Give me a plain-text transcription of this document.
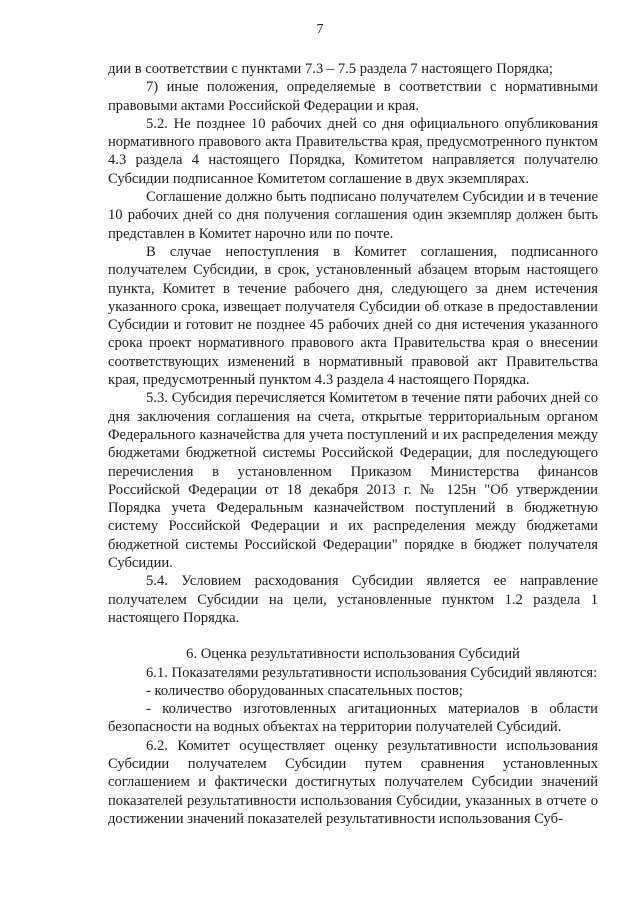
7

дии в соответствии с пунктами 7.3 – 7.5 раздела 7 настоящего Порядка;

7) иные положения, определяемые в соответствии с нормативными правовыми актами Российской Федерации и края.

5.2. Не позднее 10 рабочих дней со дня официального опубликования нормативного правового акта Правительства края, предусмотренного пунктом 4.3 раздела 4 настоящего Порядка, Комитетом направляется получателю Субсидии подписанное Комитетом соглашение в двух экземплярах.

Соглашение должно быть подписано получателем Субсидии и в течение 10 рабочих дней со дня получения соглашения один экземпляр должен быть представлен в Комитет нарочно или по почте.

В случае непоступления в Комитет соглашения, подписанного получателем Субсидии, в срок, установленный абзацем вторым настоящего пункта, Комитет в течение рабочего дня, следующего за днем истечения указанного срока, извещает получателя Субсидии об отказе в предоставлении Субсидии и готовит не позднее 45 рабочих дней со дня истечения указанного срока проект нормативного правового акта Правительства края о внесении соответствующих изменений в нормативный правовой акт Правительства края, предусмотренный пунктом 4.3 раздела 4 настоящего Порядка.

5.3. Субсидия перечисляется Комитетом в течение пяти рабочих дней со дня заключения соглашения на счета, открытые территориальным органом Федерального казначейства для учета поступлений и их распределения между бюджетами бюджетной системы Российской Федерации, для последующего перечисления в установленном Приказом Министерства финансов Российской Федерации от 18 декабря 2013 г. № 125н "Об утверждении Порядка учета Федеральным казначейством поступлений в бюджетную систему Российской Федерации и их распределения между бюджетами бюджетной системы Российской Федерации" порядке в бюджет получателя Субсидии.

5.4. Условием расходования Субсидии является ее направление получателем Субсидии на цели, установленные пунктом 1.2 раздела 1 настоящего Порядка.

6. Оценка результативности использования Субсидий

6.1. Показателями результативности использования Субсидий являются:

- количество оборудованных спасательных постов;

- количество изготовленных агитационных материалов в области безопасности на водных объектах на территории получателей Субсидий.

6.2. Комитет осуществляет оценку результативности использования Субсидии получателем Субсидии путем сравнения установленных соглашением и фактически достигнутых получателем Субсидии значений показателей результативности использования Субсидии, указанных в отчете о достижении значений показателей результативности использования Суб-
